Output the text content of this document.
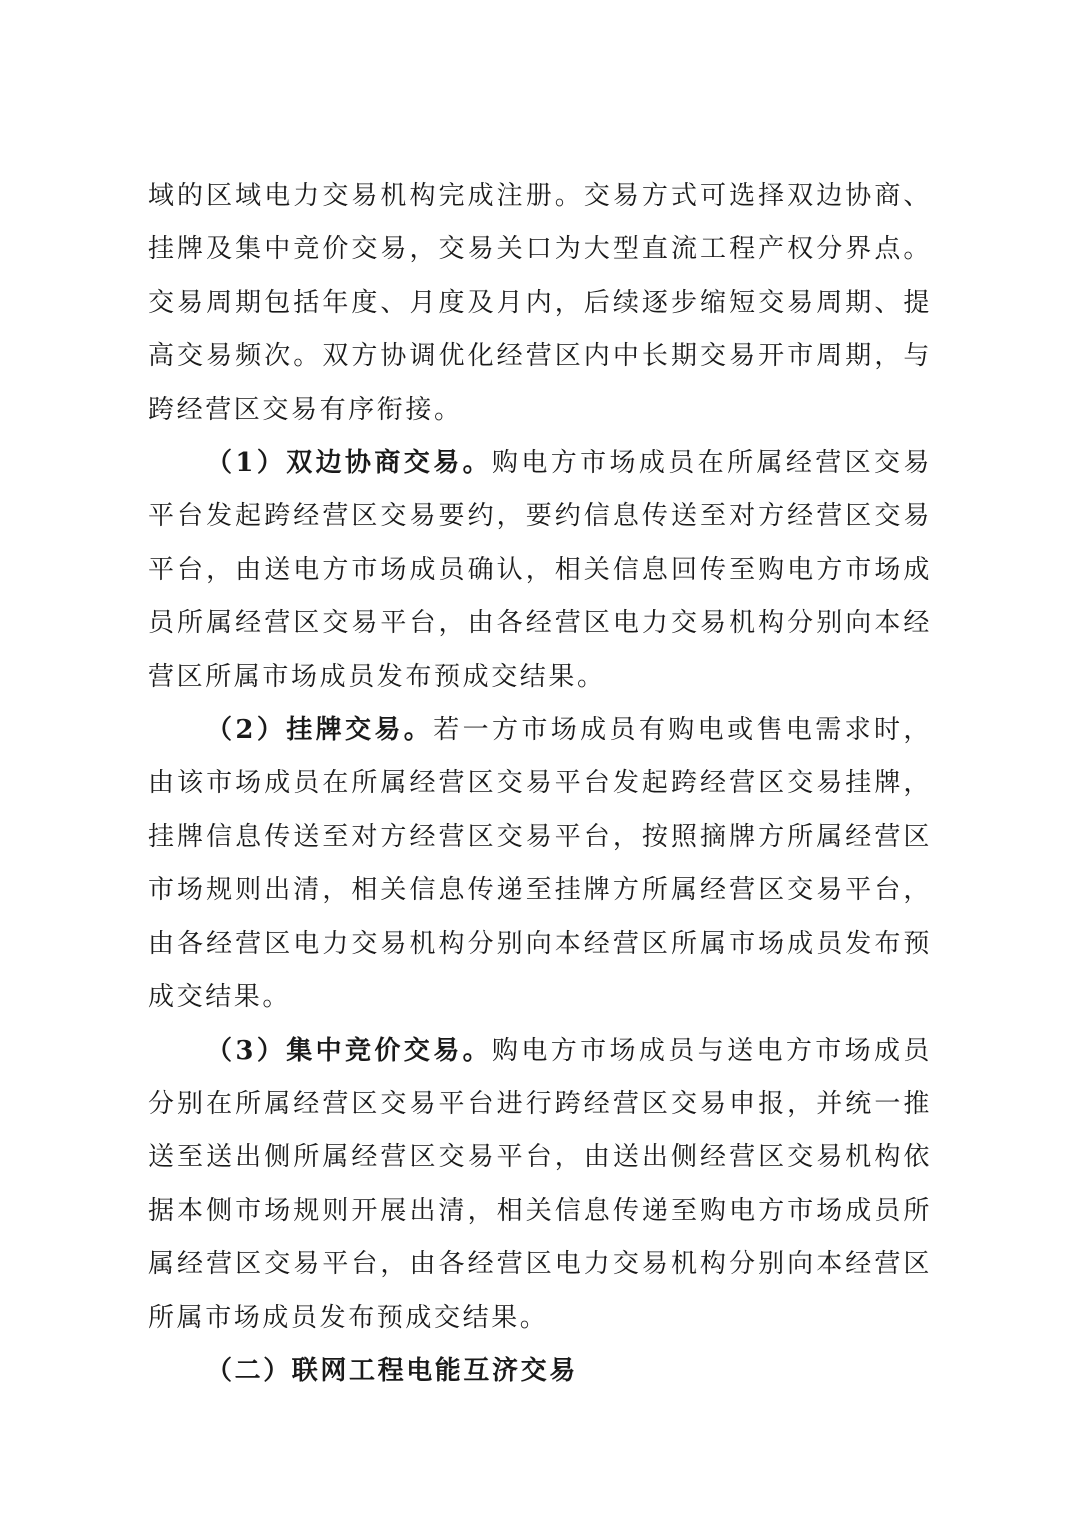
域的区域电力交易机构完成注册。交易方式可选择双边协商、挂牌及集中竞价交易，交易关口为大型直流工程产权分界点。交易周期包括年度、月度及月内，后续逐步缩短交易周期、提高交易频次。双方协调优化经营区内中长期交易开市周期，与跨经营区交易有序衔接。

（1）双边协商交易。购电方市场成员在所属经营区交易平台发起跨经营区交易要约，要约信息传送至对方经营区交易平台，由送电方市场成员确认，相关信息回传至购电方市场成员所属经营区交易平台，由各经营区电力交易机构分别向本经营区所属市场成员发布预成交结果。

（2）挂牌交易。若一方市场成员有购电或售电需求时，由该市场成员在所属经营区交易平台发起跨经营区交易挂牌，挂牌信息传送至对方经营区交易平台，按照摘牌方所属经营区市场规则出清，相关信息传递至挂牌方所属经营区交易平台，由各经营区电力交易机构分别向本经营区所属市场成员发布预成交结果。

（3）集中竞价交易。购电方市场成员与送电方市场成员分别在所属经营区交易平台进行跨经营区交易申报，并统一推送至送出侧所属经营区交易平台，由送出侧经营区交易机构依据本侧市场规则开展出清，相关信息传递至购电方市场成员所属经营区交易平台，由各经营区电力交易机构分别向本经营区所属市场成员发布预成交结果。

（二）联网工程电能互济交易
